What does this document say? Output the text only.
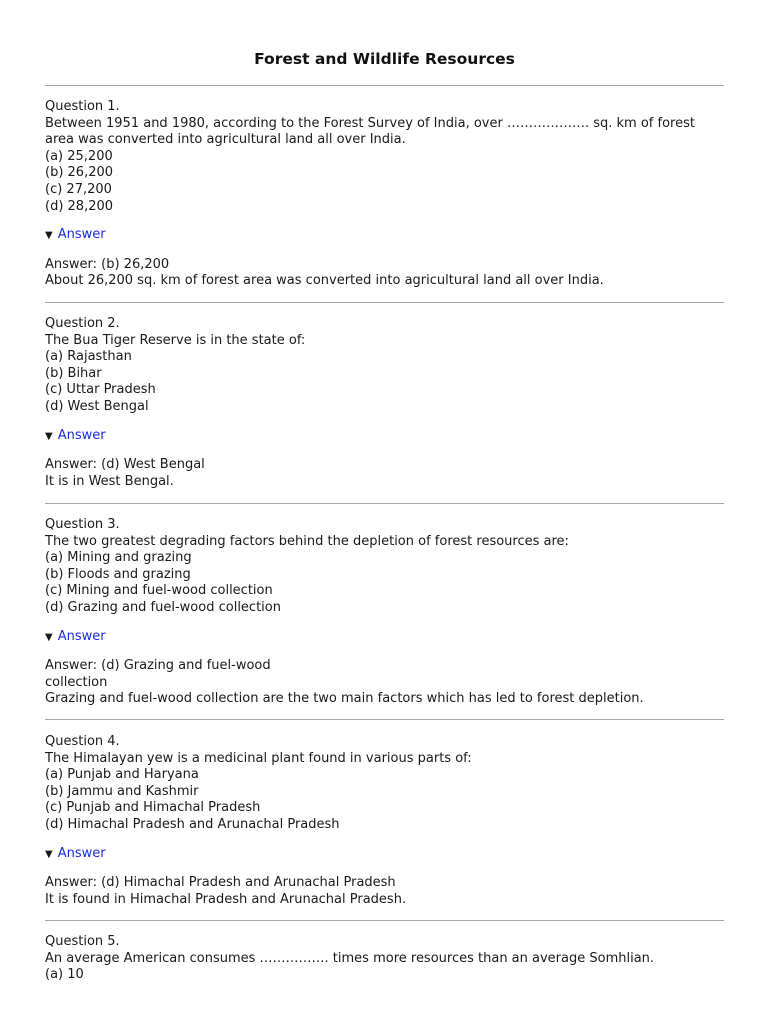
Forest and Wildlife Resources
Question 1.
Between 1951 and 1980, according to the Forest Survey of India, over ………………. sq. km of forest area was converted into agricultural land all over India.
(a) 25,200
(b) 26,200
(c) 27,200
(d) 28,200
▼ Answer
Answer: (b) 26,200
About 26,200 sq. km of forest area was converted into agricultural land all over India.
Question 2.
The Bua Tiger Reserve is in the state of:
(a) Rajasthan
(b) Bihar
(c) Uttar Pradesh
(d) West Bengal
▼ Answer
Answer: (d) West Bengal
It is in West Bengal.
Question 3.
The two greatest degrading factors behind the depletion of forest resources are:
(a) Mining and grazing
(b) Floods and grazing
(c) Mining and fuel-wood collection
(d) Grazing and fuel-wood collection
▼ Answer
Answer: (d) Grazing and fuel-wood
collection
Grazing and fuel-wood collection are the two main factors which has led to forest depletion.
Question 4.
The Himalayan yew is a medicinal plant found in various parts of:
(a) Punjab and Haryana
(b) Jammu and Kashmir
(c) Punjab and Himachal Pradesh
(d) Himachal Pradesh and Arunachal Pradesh
▼ Answer
Answer: (d) Himachal Pradesh and Arunachal Pradesh
It is found in Himachal Pradesh and Arunachal Pradesh.
Question 5.
An average American consumes ……………. times more resources than an average Somhlian.
(a) 10
